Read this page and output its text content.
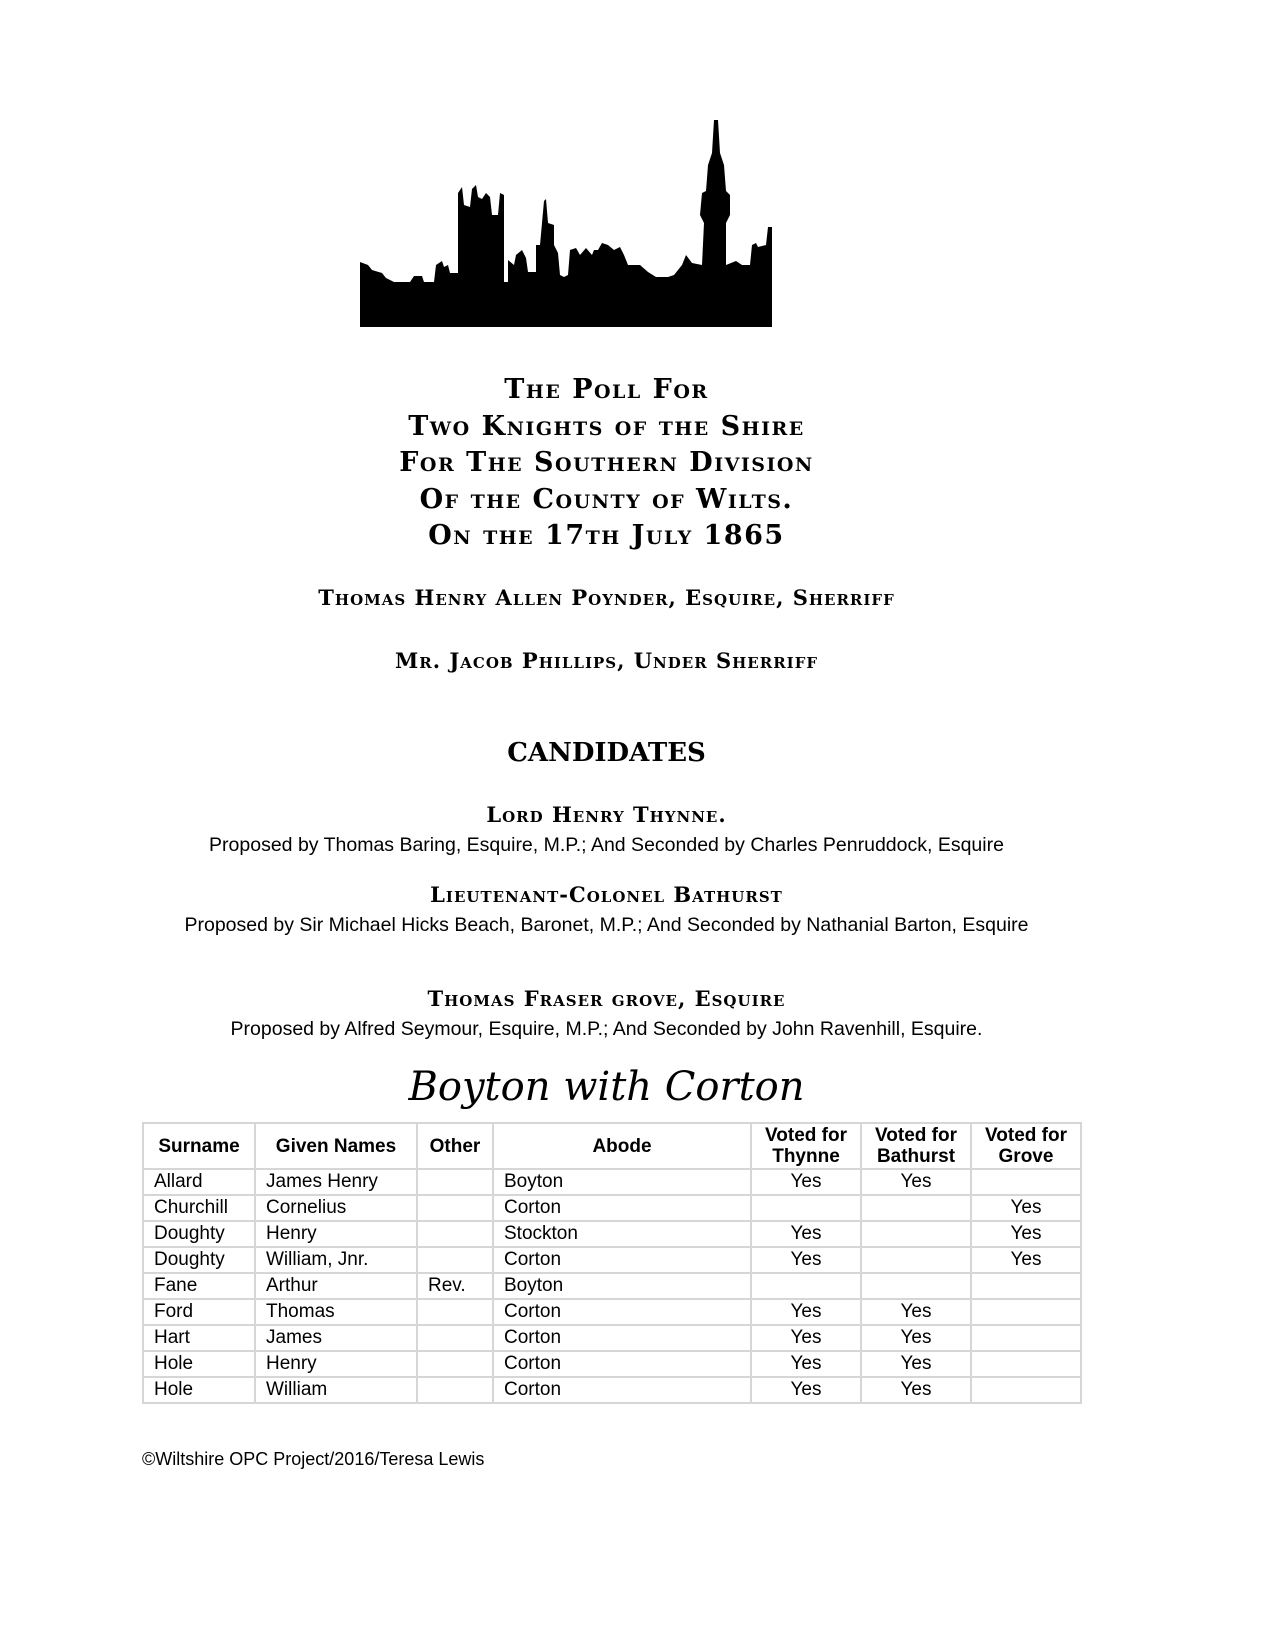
The Poll For
Two Knights of the Shire
For The Southern Division
Of the County of Wilts.
On the 17th July 1865
Thomas Henry Allen Poynder, Esquire, Sherriff
Mr. Jacob Phillips, Under Sherriff
CANDIDATES
Lord Henry Thynne.
Proposed by Thomas Baring, Esquire, M.P.; And Seconded by Charles Penruddock, Esquire
Lieutenant-Colonel Bathurst
Proposed by Sir Michael Hicks Beach, Baronet, M.P.; And Seconded by Nathanial Barton, Esquire
Thomas Fraser grove, Esquire
Proposed by Alfred Seymour, Esquire, M.P.; And Seconded by John Ravenhill, Esquire.
Boyton with Corton
Surname	Given Names	Other	Abode	Voted for Thynne	Voted for Bathurst	Voted for Grove
Allard	James Henry		Boyton	Yes	Yes	
Churchill	Cornelius		Corton			Yes
Doughty	Henry		Stockton	Yes		Yes
Doughty	William, Jnr.		Corton	Yes		Yes
Fane	Arthur	Rev.	Boyton			
Ford	Thomas		Corton	Yes	Yes	
Hart	James		Corton	Yes	Yes	
Hole	Henry		Corton	Yes	Yes	
Hole	William		Corton	Yes	Yes	
©Wiltshire OPC Project/2016/Teresa Lewis
